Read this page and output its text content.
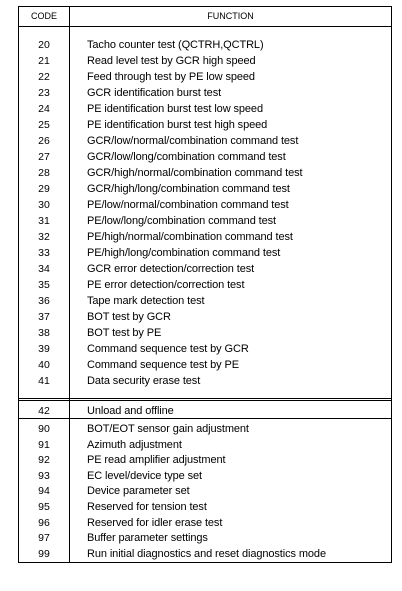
CODE	FUNCTION
20	Tacho counter test (QCTRH,QCTRL)
21	Read level test by GCR high speed
22	Feed through test by PE low speed
23	GCR identification burst test
24	PE identification burst test low speed
25	PE identification burst test high speed
26	GCR/low/normal/combination command test
27	GCR/low/long/combination command test
28	GCR/high/normal/combination command test
29	GCR/high/long/combination command test
30	PE/low/normal/combination command test
31	PE/low/long/combination command test
32	PE/high/normal/combination command test
33	PE/high/long/combination command test
34	GCR error detection/correction test
35	PE error detection/correction test
36	Tape mark detection test
37	BOT test by GCR
38	BOT test by PE
39	Command sequence test by GCR
40	Command sequence test by PE
41	Data security erase test
42	Unload and offline
90	BOT/EOT sensor gain adjustment
91	Azimuth adjustment
92	PE read amplifier adjustment
93	EC level/device type set
94	Device parameter set
95	Reserved for tension test
96	Reserved for idler erase test
97	Buffer parameter settings
99	Run initial diagnostics and reset diagnostics mode
